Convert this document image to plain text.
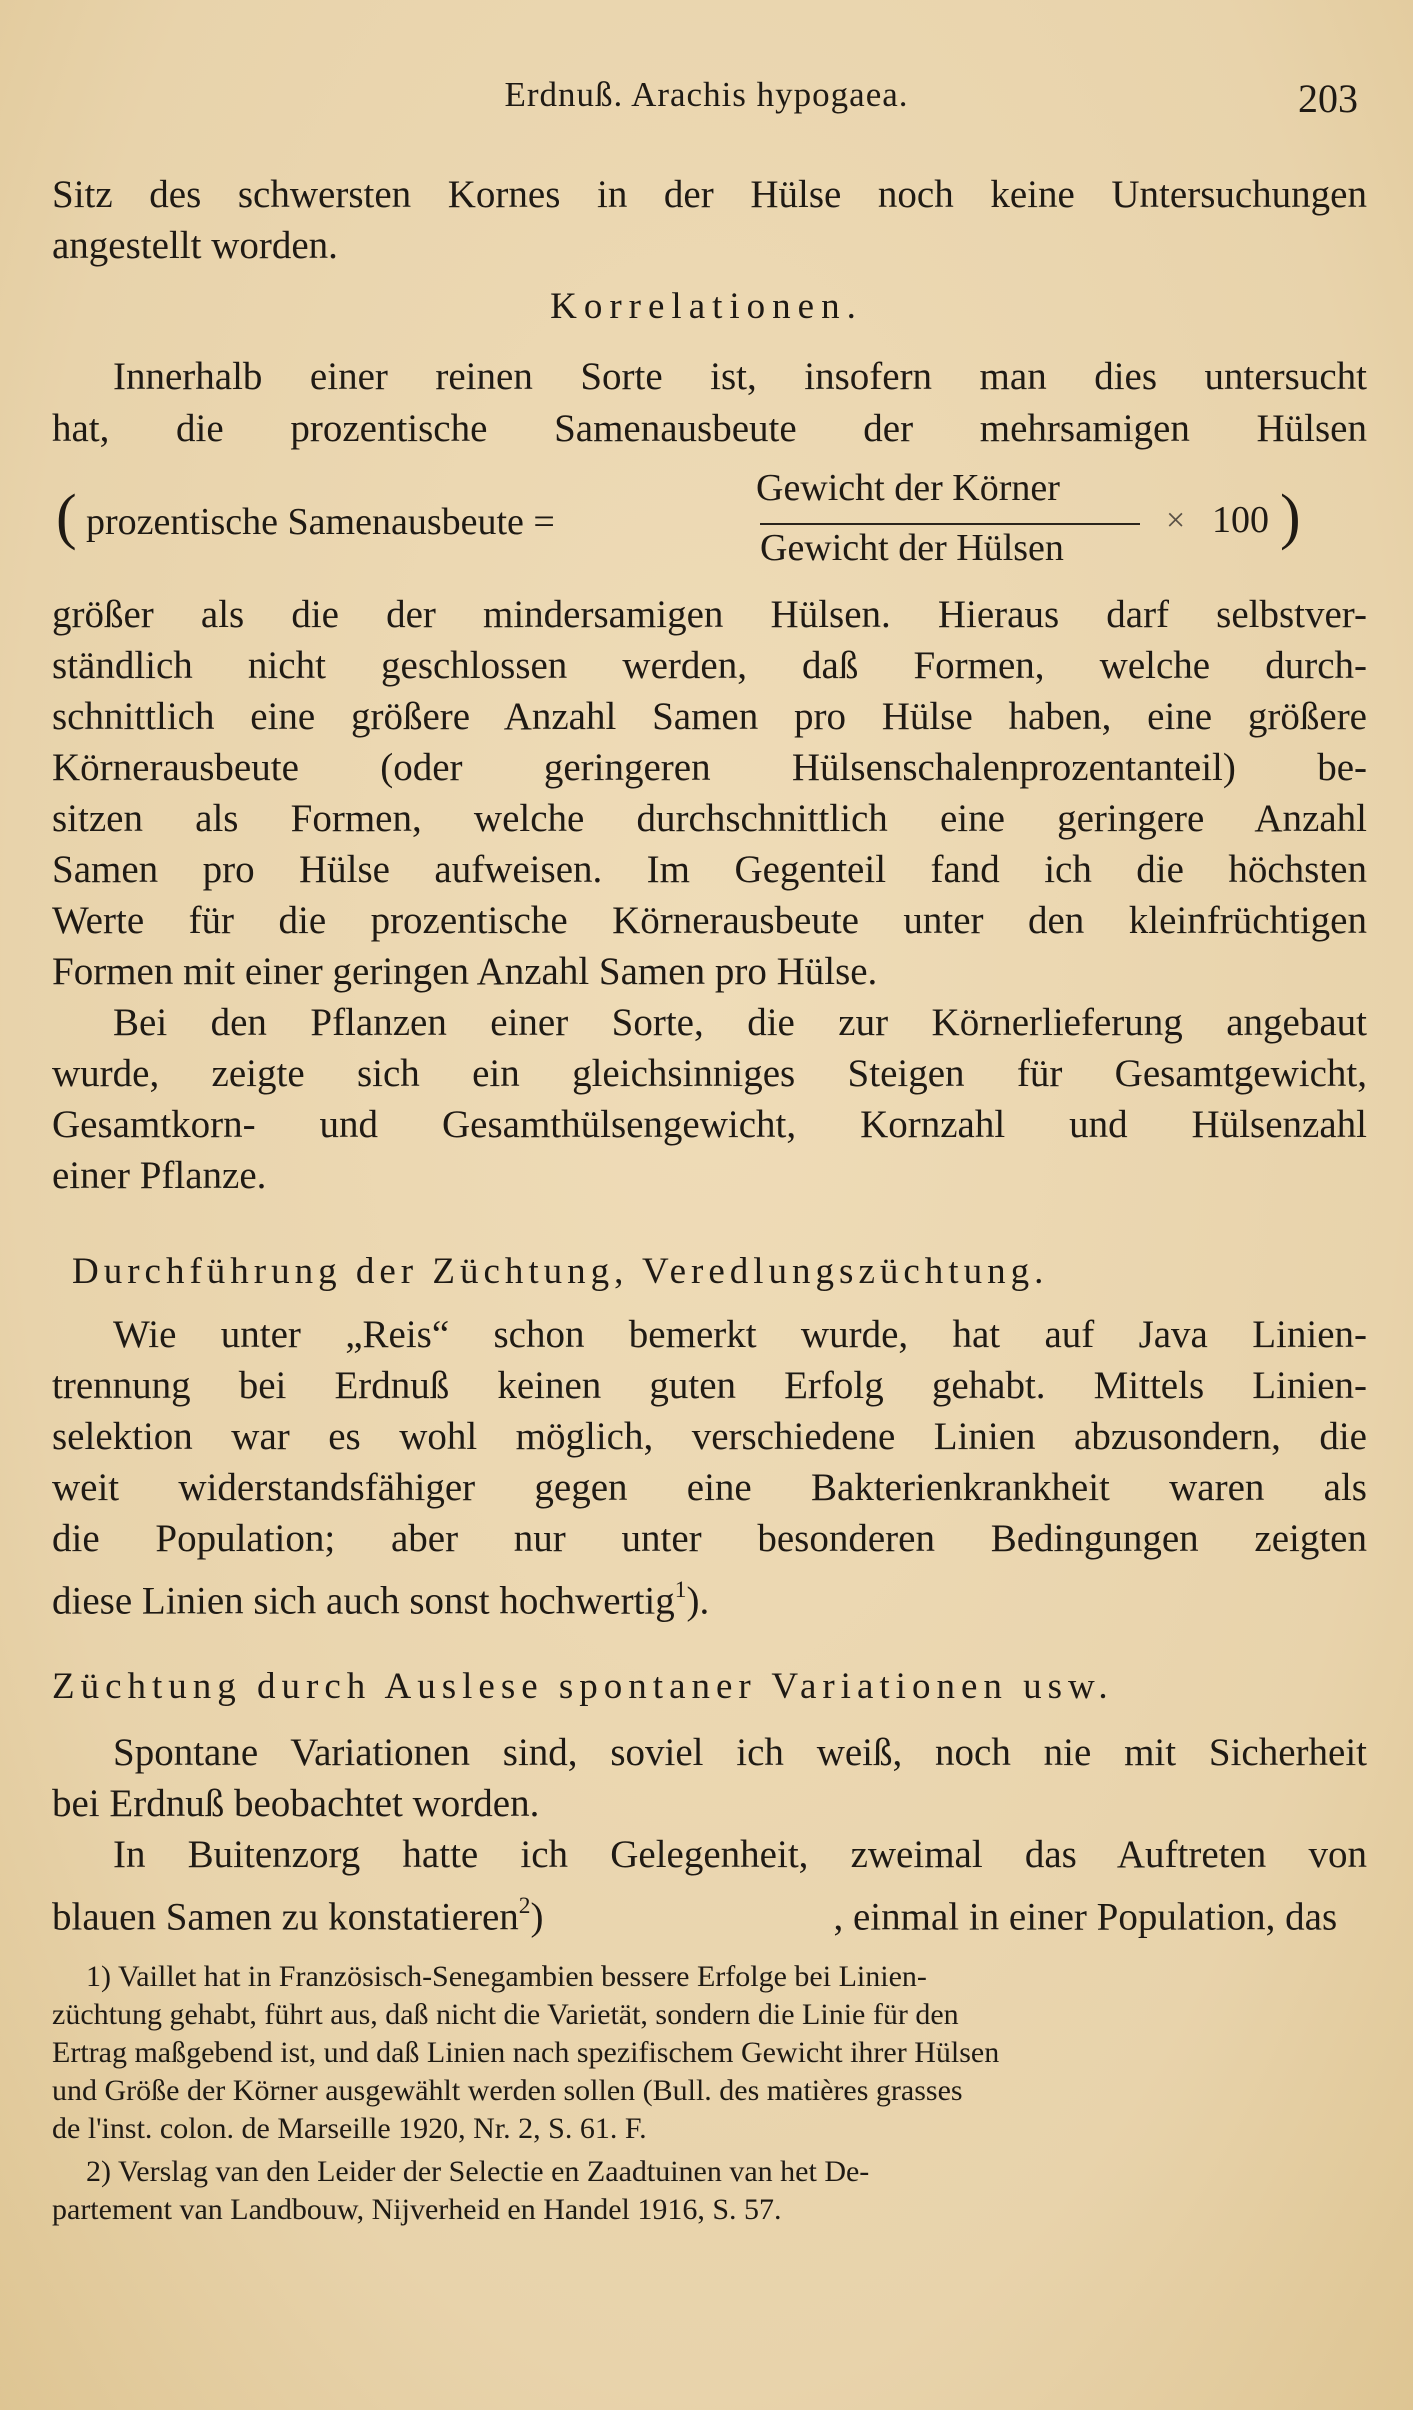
Erdnuß. Arachis hypogaea.	203
Sitz des schwersten Kornes in der Hülse noch keine Untersuchungen
angestellt worden.
Korrelationen.
Innerhalb einer reinen Sorte ist, insofern man dies untersucht
hat, die prozentische Samenausbeute der mehrsamigen Hülsen
( prozentische Samenausbeute =
Gewicht der Körner
Gewicht der Hülsen
× 100 )
größer als die der mindersamigen Hülsen. Hieraus darf selbstver-
ständlich nicht geschlossen werden, daß Formen, welche durch-
schnittlich eine größere Anzahl Samen pro Hülse haben, eine größere
Körnerausbeute (oder geringeren Hülsenschalenprozentanteil) be-
sitzen als Formen, welche durchschnittlich eine geringere Anzahl
Samen pro Hülse aufweisen. Im Gegenteil fand ich die höchsten
Werte für die prozentische Körnerausbeute unter den kleinfrüchtigen
Formen mit einer geringen Anzahl Samen pro Hülse.
Bei den Pflanzen einer Sorte, die zur Körnerlieferung angebaut
wurde, zeigte sich ein gleichsinniges Steigen für Gesamtgewicht,
Gesamtkorn- und Gesamthülsengewicht, Kornzahl und Hülsenzahl
einer Pflanze.
Durchführung der Züchtung, Veredlungszüchtung.
Wie unter „Reis“ schon bemerkt wurde, hat auf Java Linien-
trennung bei Erdnuß keinen guten Erfolg gehabt. Mittels Linien-
selektion war es wohl möglich, verschiedene Linien abzusondern, die
weit widerstandsfähiger gegen eine Bakterienkrankheit waren als
die Population; aber nur unter besonderen Bedingungen zeigten
diese Linien sich auch sonst hochwertig$^1$).
Züchtung durch Auslese spontaner Variationen usw.
Spontane Variationen sind, soviel ich weiß, noch nie mit Sicherheit
bei Erdnuß beobachtet worden.
In Buitenzorg hatte ich Gelegenheit, zweimal das Auftreten von
blauen Samen zu konstatieren$^2$)	, einmal in einer Population, das
1) Vaillet hat in Französisch-Senegambien bessere Erfolge bei Linien-
züchtung gehabt, führt aus, daß nicht die Varietät, sondern die Linie für den
Ertrag maßgebend ist, und daß Linien nach spezifischem Gewicht ihrer Hülsen
und Größe der Körner ausgewählt werden sollen (Bull. des matières grasses
de l'inst. colon. de Marseille 1920, Nr. 2, S. 61. F.
2) Verslag van den Leider der Selectie en Zaadtuinen van het De-
partement van Landbouw, Nijverheid en Handel 1916, S. 57.
